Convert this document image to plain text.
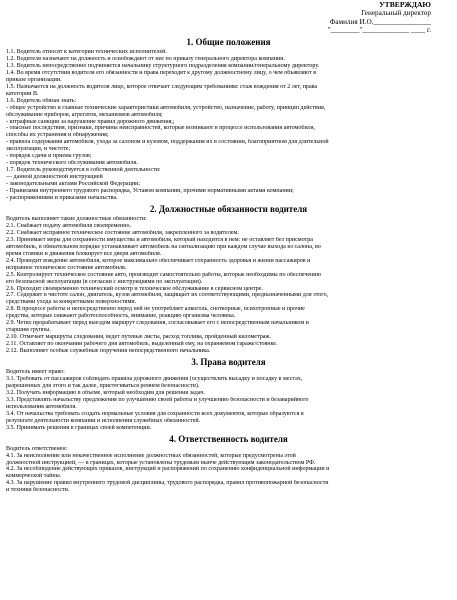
УТВЕРЖДАЮ
Генеральный директор
Фамилия И.О.________________
"________"_____________ ____ г.
1. Общие положения
1.1. Водитель относят к категории технических исполнителей.
1.2. Водителя назначают на должность и освобождают от нее по приказу генерального директора компании.
1.3. Водитель непосредственно подчиняется начальнику структурного подразделения компании/генеральному директору.
1.4. Во время отсутствия водителя его обязанности и права переходят к другому должностному лицу, о чем объявляют в
приказе организации.
1.5. Назначается на должность водителя лицо, которое отвечает следующим требованиям: стаж вождения от 2 лет, права
категории В.
1.6. Водитель обязан знать:
- общее устройство и главные технические характеристики автомобиля, устройство, назначение, работу, принцип действия,
обслуживание приборов, агрегатов, механизмов автомобиля;
- штрафные санкции за нарушение правил дорожного движения,;
- опасные последствия, признаки, причины неисправностей, которые возникают в процессе использования автомобиля,
способы их устранения и обнаружения;
- правила содержания автомобиля, ухода за салоном и кузовом, поддержания их в состоянии, благоприятном для длительной
эксплуатации, и чистоте;
- порядок сдачи и приема грузов;
- порядок технического обслуживания автомобиля.
1.7. Водитель руководствуется в собственной деятельности:
— данной должностной инструкцией
- законодательными актами Российской Федерации;
- Правилами внутреннего трудового распорядка, Уставом компании, прочими нормативными актами компании;
- распоряжениями и приказами начальства.
2. Должностные обязанности водителя
Водитель выполняет такие должностные обязанности:
2.1. Снабжает подачу автомобиля своевременно.
2.2. Снабжает исправное техническое состояние автомобиля, закрепленного за водителем.
2.3. Принимает меры для сохранности имущества и автомобиля, который находится в нем: не оставляет без присмотра
автомобиль, в обязательном порядке устанавливает автомобиль на сигнализацию при каждом случае выхода из салона, во
время стоянки и движения блокирует все двери автомобиля.
2.4. Проводит вождение автомобиля, которое максимально обеспечивает сохранность здоровья и жизни пассажиров и
исправное техническое состояние автомобиля.
2.5. Контролирует техническое состояние авто, производит самостоятельно работы, которые необходимы по обеспечению
его безопасной эксплуатации (в согласии с инструкциями по эксплуатации).
2.6. Проходит своевременно технический осмотр и техническое обслуживание в сервисном центре.
2.7. Содержит в чистоте салон, двигатель, кузов автомобиля, защищает их соответствующими, предназначенными для этого,
средствами ухода за конкретными поверхностями.
2.8. В процессе работы и непосредственно перед ней не употребляет алкоголь, снотворные, психотропные и прочие
средства, которые снижают работоспособность, внимание, реакцию организма человека.
2.9. Четко прорабатывает перед выездом маршрут следования, согласовывает его с непосредственным начальником и
старшим группы.
2.10. Отмечает маршруты следования, ведет путевые листы, расход топлива, пройденный километраж.
2.11. Оставляет по окончании рабочего дня автомобиль, выделенный ему, на охраняемом гараже/стоянке.
2.12. Выполняет особые служебные поручения непосредственного начальника.
3. Права водителя
Водитель имеет право:
3.1. Требовать от пассажиров соблюдать правила дорожного движения (осуществлять высадку и посадку в местах,
разрешенных для этого и так далее, пристегиваться ремнем безопасности).
3.2. Получать информацию в объеме, который необходим для решения задач.
3.3. Представлять начальству предложения по улучшению своей работы и улучшению безопасности и безаварийного
использования автомобиля.
3.4. От начальства требовать создать нормальные условия для сохранности всех документов, которые образуются в
результате деятельности компании и исполнения служебных обязанностей.
3.5. Принимать решения в границах своей компетенции.
4. Ответственность водителя
Водитель ответственен:
4.1. За неисполнение или некачественное исполнение должностных обязанностей, которые предусмотрены этой
должностной инструкцией, — в границах, которые установлены трудовым нынче действующим законодательством РФ.
4.2. За несоблюдение действующих приказов, инструкций и распоряжений по сохранению конфиденциальной информации и
коммерческой тайны.
4.3. За нарушение правил внутреннего трудовой дисциплины, трудового распорядка, правил противопожарной безопасности
и техники безопасности.
